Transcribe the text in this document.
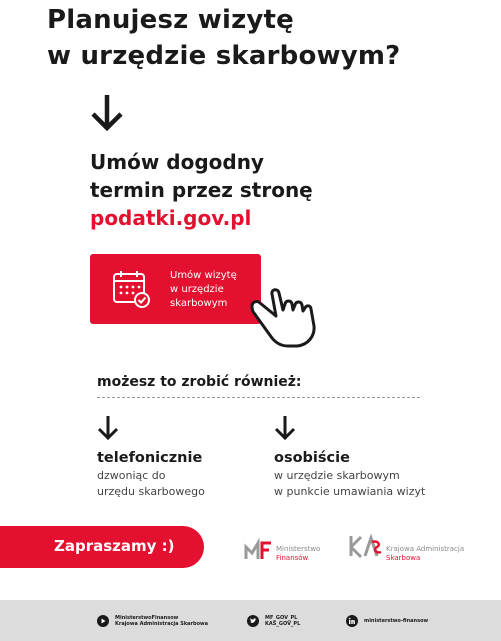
Planujesz wizytę
w urzędzie skarbowym?
Umów dogodny
termin przez stronę
podatki.gov.pl
Umów wizytę
w urzędzie
skarbowym
możesz to zrobić również:
telefonicznie
dzwoniąc do
urzędu skarbowego
osobiście
w urzędzie skarbowym
w punkcie umawiania wizyt
Zapraszamy :)	Ministerstwo
Finansów
Krajowa Administracja
Skarbowa
MinisterstwoFinansow
Krajowa Administracja Skarbowa
MF_GOV_PL
KAS_GOV_PL	ministerstwo-finansow
